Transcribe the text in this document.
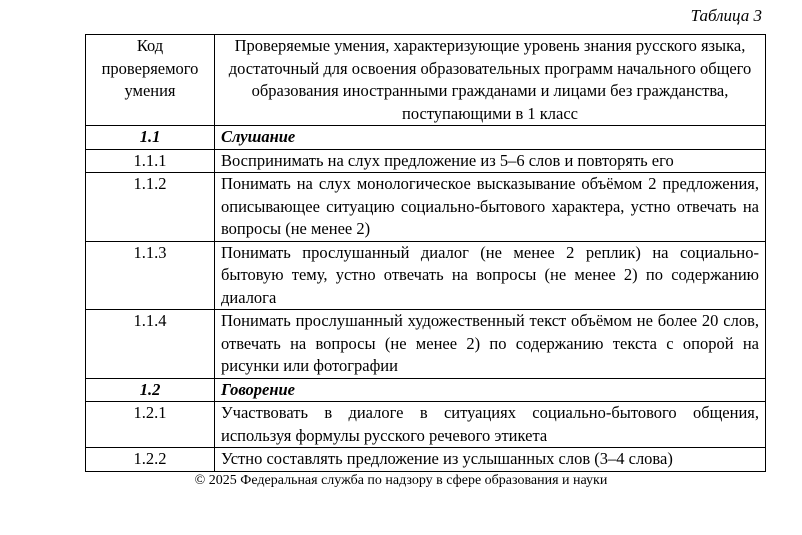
Таблица 3
Код проверяемого умения	Проверяемые умения, характеризующие уровень знания русского языка, достаточный для освоения образовательных программ начального общего образования иностранными гражданами и лицами без гражданства, поступающими в 1 класс
1.1	Слушание
1.1.1	Воспринимать на слух предложение из 5–6 слов и повторять его
1.1.2	Понимать на слух монологическое высказывание объёмом 2 предложения, описывающее ситуацию социально-бытового характера, устно отвечать на вопросы (не менее 2)
1.1.3	Понимать прослушанный диалог (не менее 2 реплик) на социально-бытовую тему, устно отвечать на вопросы (не менее 2) по содержанию диалога
1.1.4	Понимать прослушанный художественный текст объёмом не более 20 слов, отвечать на вопросы (не менее 2) по содержанию текста с опорой на рисунки или фотографии
1.2	Говорение
1.2.1	Участвовать в диалоге в ситуациях социально-бытового общения, используя формулы русского речевого этикета
1.2.2	Устно составлять предложение из услышанных слов (3–4 слова)
© 2025 Федеральная служба по надзору в сфере образования и науки
